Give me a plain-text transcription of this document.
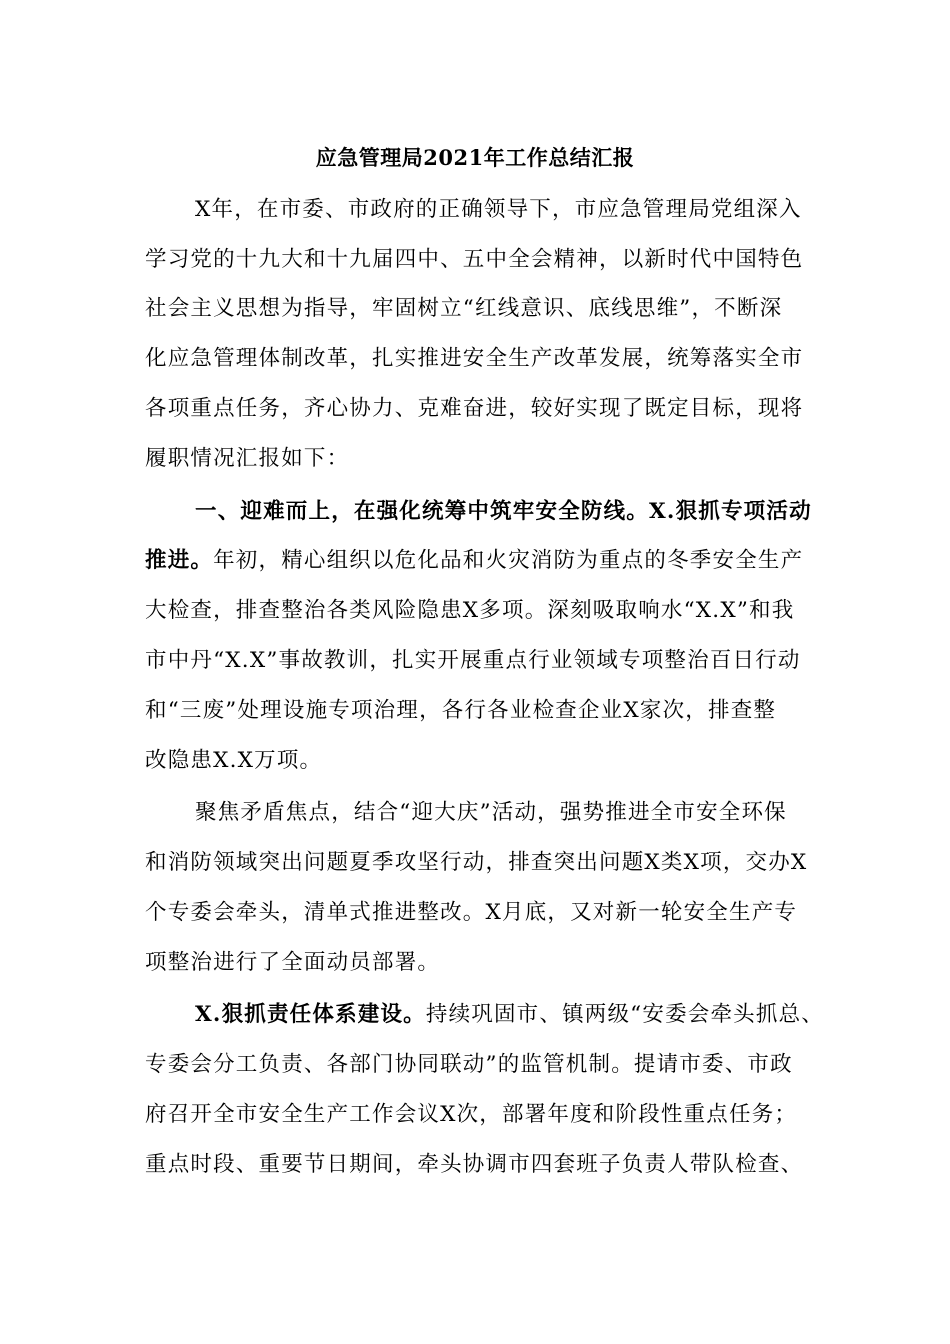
应急管理局2021年工作总结汇报
X年，在市委、市政府的正确领导下，市应急管理局党组深入
学习党的十九大和十九届四中、五中全会精神，以新时代中国特色
社会主义思想为指导，牢固树立“红线意识、底线思维”，不断深
化应急管理体制改革，扎实推进安全生产改革发展，统筹落实全市
各项重点任务，齐心协力、克难奋进，较好实现了既定目标，现将
履职情况汇报如下：
一、迎难而上，在强化统筹中筑牢安全防线。X.狠抓专项活动
推进。年初，精心组织以危化品和火灾消防为重点的冬季安全生产
大检查，排查整治各类风险隐患X多项。深刻吸取响水“X.X”和我
市中丹“X.X”事故教训，扎实开展重点行业领域专项整治百日行动
和“三废”处理设施专项治理，各行各业检查企业X家次，排查整
改隐患X.X万项。
聚焦矛盾焦点，结合“迎大庆”活动，强势推进全市安全环保
和消防领域突出问题夏季攻坚行动，排查突出问题X类X项，交办X
个专委会牵头，清单式推进整改。X月底，又对新一轮安全生产专
项整治进行了全面动员部署。
X.狠抓责任体系建设。持续巩固市、镇两级“安委会牵头抓总、
专委会分工负责、各部门协同联动”的监管机制。提请市委、市政
府召开全市安全生产工作会议X次，部署年度和阶段性重点任务；
重点时段、重要节日期间，牵头协调市四套班子负责人带队检查、
